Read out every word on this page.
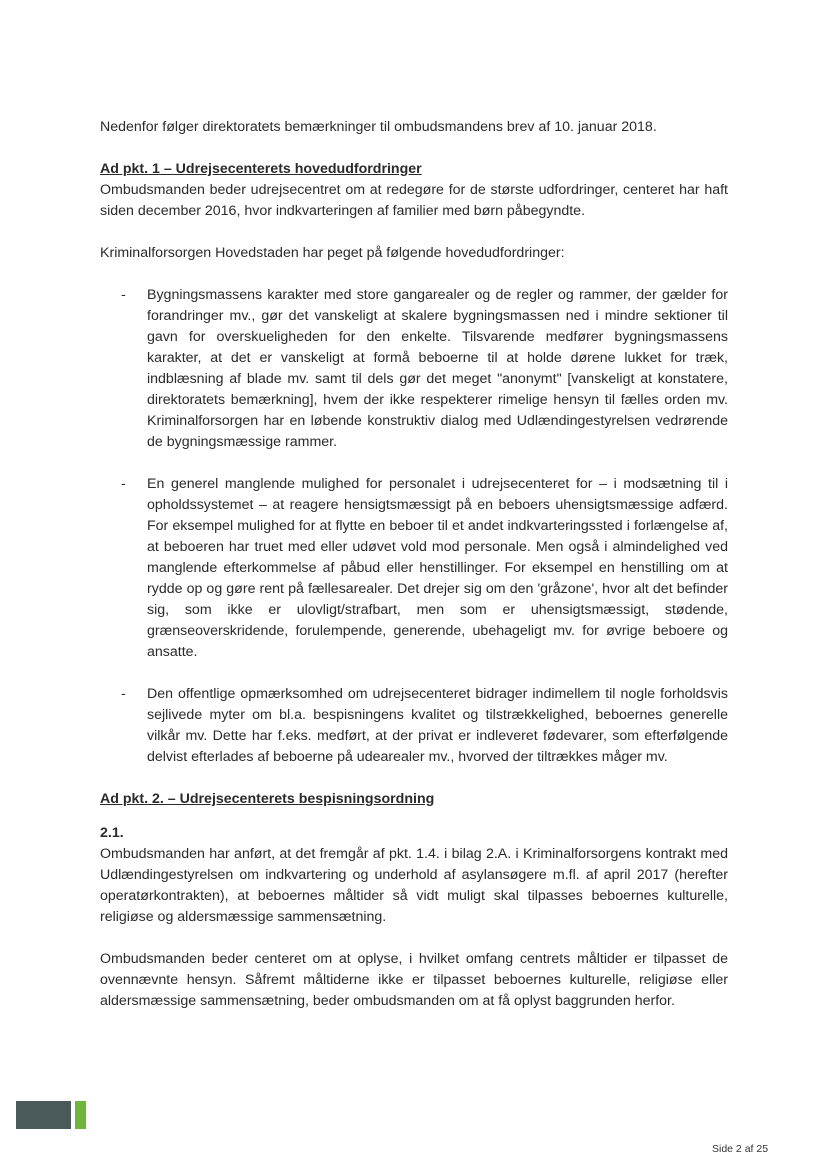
Nedenfor følger direktoratets bemærkninger til ombudsmandens brev af 10. januar 2018.

Ad pkt. 1 – Udrejsecenterets hovedudfordringer

Ombudsmanden beder udrejsecentret om at redegøre for de største udfordringer, centeret har haft siden december 2016, hvor indkvarteringen af familier med børn påbegyndte.

Kriminalforsorgen Hovedstaden har peget på følgende hovedudfordringer:

- Bygningsmassens karakter med store gangarealer og de regler og rammer, der gælder for forandringer mv., gør det vanskeligt at skalere bygningsmassen ned i mindre sektioner til gavn for overskueligheden for den enkelte. Tilsvarende medfører bygningsmassens karakter, at det er vanskeligt at formå beboerne til at holde dørene lukket for træk, indblæsning af blade mv. samt til dels gør det meget "anonymt" [vanskeligt at konstatere, direktoratets bemærkning], hvem der ikke respekterer rimelige hensyn til fælles orden mv. Kriminalforsorgen har en løbende konstruktiv dialog med Udlændingestyrelsen vedrørende de bygningsmæssige rammer.
- En generel manglende mulighed for personalet i udrejsecenteret for – i modsætning til i opholdssystemet – at reagere hensigtsmæssigt på en beboers uhensigtsmæssige adfærd. For eksempel mulighed for at flytte en beboer til et andet indkvarteringssted i forlængelse af, at beboeren har truet med eller udøvet vold mod personale. Men også i almindelighed ved manglende efterkommelse af påbud eller henstillinger. For eksempel en henstilling om at rydde op og gøre rent på fællesarealer. Det drejer sig om den 'gråzone', hvor alt det befinder sig, som ikke er ulovligt/strafbart, men som er uhensigtsmæssigt, stødende, grænseoverskridende, forulempende, generende, ubehageligt mv. for øvrige beboere og ansatte.
- Den offentlige opmærksomhed om udrejsecenteret bidrager indimellem til nogle forholdsvis sejlivede myter om bl.a. bespisningens kvalitet og tilstrækkelighed, beboernes generelle vilkår mv. Dette har f.eks. medført, at der privat er indleveret fødevarer, som efterfølgende delvist efterlades af beboerne på udearealer mv., hvorved der tiltrækkes måger mv.

Ad pkt. 2. – Udrejsecenterets bespisningsordning

2.1.

Ombudsmanden har anført, at det fremgår af pkt. 1.4. i bilag 2.A. i Kriminalforsorgens kontrakt med Udlændingestyrelsen om indkvartering og underhold af asylansøgere m.fl. af april 2017 (herefter operatørkontrakten), at beboernes måltider så vidt muligt skal tilpasses beboernes kulturelle, religiøse og aldersmæssige sammensætning.

Ombudsmanden beder centeret om at oplyse, i hvilket omfang centrets måltider er tilpasset de ovennævnte hensyn. Såfremt måltiderne ikke er tilpasset beboernes kulturelle, religiøse eller aldersmæssige sammensætning, beder ombudsmanden om at få oplyst baggrunden herfor.

Side 2 af 25
